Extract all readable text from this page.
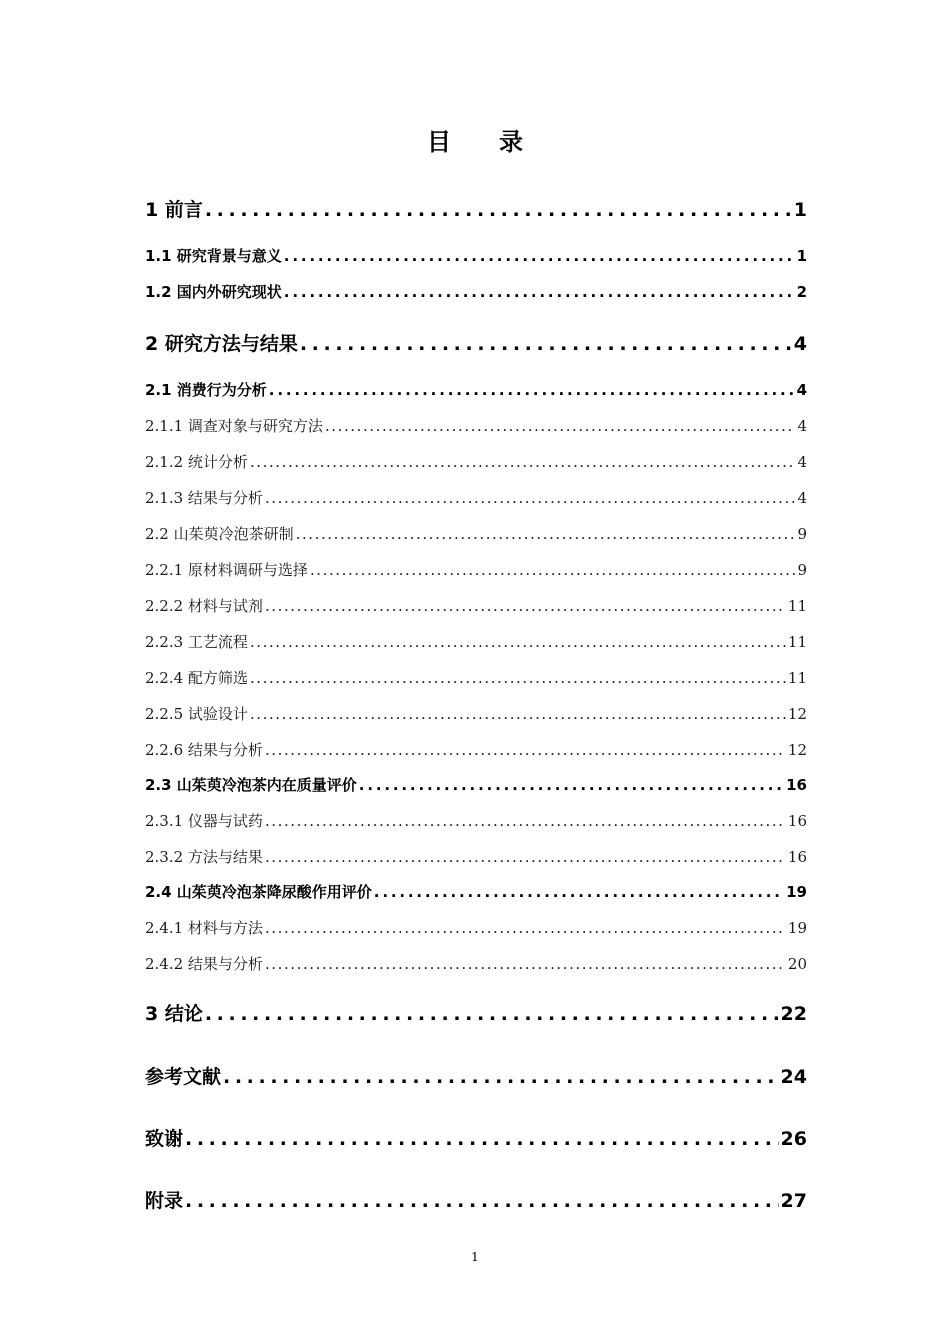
目 录
1 前言 . . .	1
1.1 研究背景与意义 . . .	1
1.2 国内外研究现状 . . .	2
2 研究方法与结果 . . .	4
2.1 消费行为分析 . . .	4
2.1.1 调查对象与研究方法 . . .	4
2.1.2 统计分析 . . .	4
2.1.3 结果与分析 . . .	4
2.2 山茱萸冷泡茶研制 . . .	9
2.2.1 原材料调研与选择 . . .	9
2.2.2 材料与试剂 . . .	11
2.2.3 工艺流程 . . .	11
2.2.4 配方筛选 . . .	11
2.2.5 试验设计 . . .	12
2.2.6 结果与分析 . . .	12
2.3 山茱萸冷泡茶内在质量评价 . . .	16
2.3.1 仪器与试药 . . .	16
2.3.2 方法与结果 . . .	16
2.4 山茱萸冷泡茶降尿酸作用评价 . . .	19
2.4.1 材料与方法 . . .	19
2.4.2 结果与分析 . . .	20
3 结论 . . .	22
参考文献 . . .	24
致谢 . . .	26
附录 . . .	27
1
